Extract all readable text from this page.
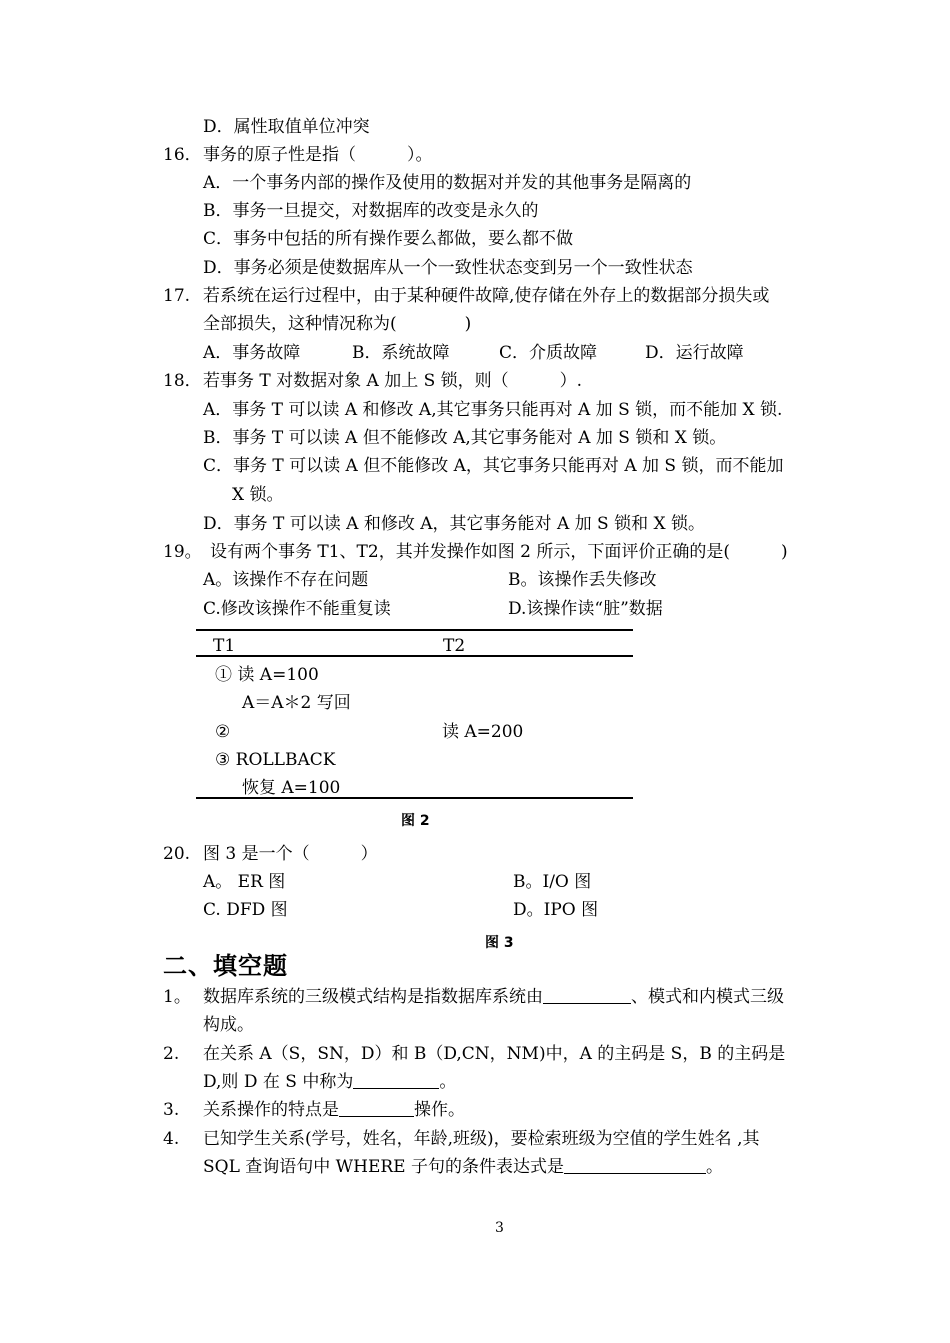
D．属性取值单位冲突
16． 事务的原子性是指（　　　）。
A．一个事务内部的操作及使用的数据对并发的其他事务是隔离的
B．事务一旦提交，对数据库的改变是永久的
C．事务中包括的所有操作要么都做，要么都不做
D．事务必须是使数据库从一个一致性状态变到另一个一致性状态
17. 若系统在运行过程中，由于某种硬件故障,使存储在外存上的数据部分损失或
全部损失，这种情况称为(　　　　)
A．事务故障	B．系统故障	C．介质故障	D．运行故障
18． 若事务 T 对数据对象 A 加上 S 锁，则（　　　）.
A．事务 T 可以读 A 和修改 A,其它事务只能再对 A 加 S 锁，而不能加 X 锁.
B．事务 T 可以读 A 但不能修改 A,其它事务能对 A 加 S 锁和 X 锁。
C．事务 T 可以读 A 但不能修改 A，其它事务只能再对 A 加 S 锁，而不能加
X 锁。
D．事务 T 可以读 A 和修改 A，其它事务能对 A 加 S 锁和 X 锁。
19。 设有两个事务 T1、T2，其并发操作如图 2 所示，下面评价正确的是(　　　)
A。该操作不存在问题	B。该操作丢失修改
C.修改该操作不能重复读	D.该操作读“脏”数据
T1	T2
① 读 A=100
A＝A＊2 写回
②	读 A=200
③ ROLLBACK
恢复 A=100
图 2
20. 图 3 是一个（　　　）
A。 ER 图	B。I/O 图
C. DFD 图	D。IPO 图
图 3
二、填空题
1。 数据库系统的三级模式结构是指数据库系统由	、模式和内模式三级
构成。
2. 在关系 A（S，SN，D）和 B（D,CN，NM)中，A 的主码是 S，B 的主码是
D,则 D 在 S 中称为	。
3. 关系操作的特点是	操作。
4. 已知学生关系(学号，姓名，年龄,班级)，要检索班级为空值的学生姓名 ,其
SQL 查询语句中 WHERE 子句的条件表达式是	。
3
